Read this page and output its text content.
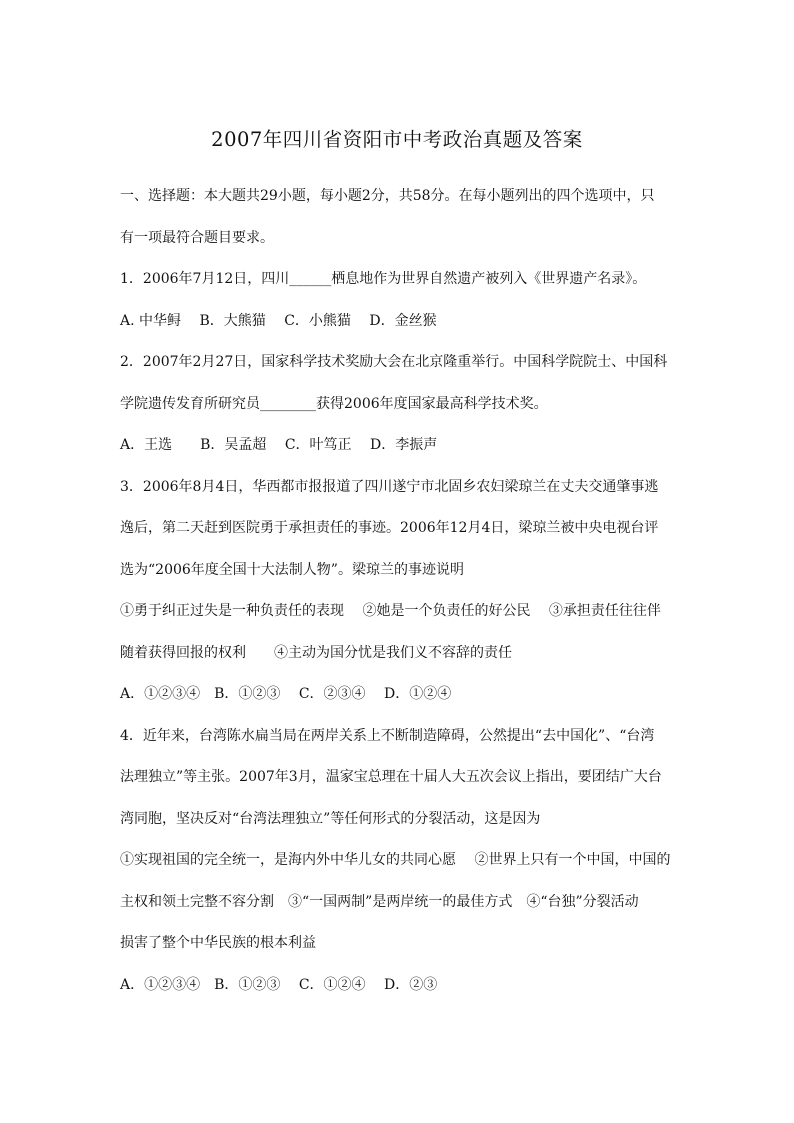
2007年四川省资阳市中考政治真题及答案
一、选择题：本大题共29小题，每小题2分，共58分。在每小题列出的四个选项中，只
有一项最符合题目要求。
1．2006年7月12日，四川______栖息地作为世界自然遗产被列入《世界遗产名录》。
A. 中华鲟　 B．大熊猫　 C．小熊猫　 D．金丝猴
2．2007年2月27日，国家科学技术奖励大会在北京隆重举行。中国科学院院士、中国科
学院遗传发育所研究员________获得2006年度国家最高科学技术奖。
A．王选　　B．吴孟超　 C．叶笃正　 D．李振声
3．2006年8月4日，华西都市报报道了四川遂宁市北固乡农妇梁琼兰在丈夫交通肇事逃
逸后，第二天赶到医院勇于承担责任的事迹。2006年12月4日，梁琼兰被中央电视台评
选为“2006年度全国十大法制人物”。梁琼兰的事迹说明
①勇于纠正过失是一种负责任的表现　 ②她是一个负责任的好公民　 ③承担责任往往伴
随着获得回报的权利　　④主动为国分忧是我们义不容辞的责任
A．①②③④　B．①②③　 C．②③④　 D．①②④
4．近年来，台湾陈水扁当局在两岸关系上不断制造障碍，公然提出“去中国化”、“台湾
法理独立”等主张。2007年3月，温家宝总理在十届人大五次会议上指出，要团结广大台
湾同胞，坚决反对“台湾法理独立”等任何形式的分裂活动，这是因为
①实现祖国的完全统一，是海内外中华儿女的共同心愿　 ②世界上只有一个中国，中国的
主权和领土完整不容分割　③“一国两制”是两岸统一的最佳方式　④“台独”分裂活动
损害了整个中华民族的根本利益
A．①②③④　B．①②③　 C．①②④　 D．②③
